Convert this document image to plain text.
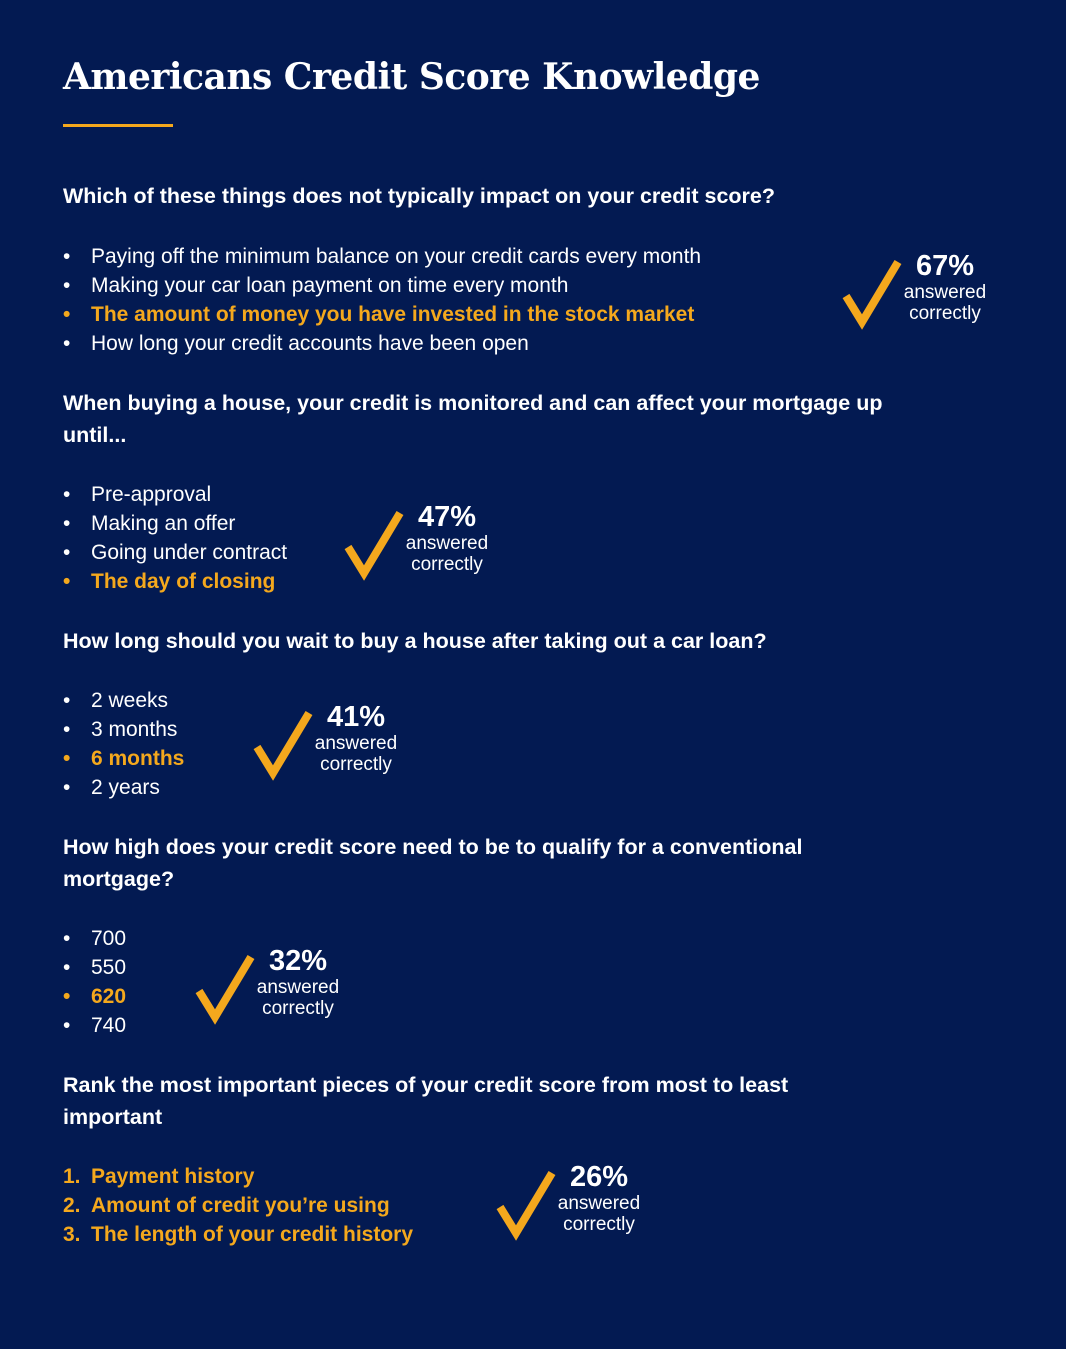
Americans Credit Score Knowledge

Which of these things does not typically impact on your credit score?

• Paying off the minimum balance on your credit cards every month
• Making your car loan payment on time every month
• The amount of money you have invested in the stock market
• How long your credit accounts have been open
67%
answered
correctly

When buying a house, your credit is monitored and can affect your mortgage up until...

• Pre-approval
• Making an offer
• Going under contract
• The day of closing
47%
answered
correctly

How long should you wait to buy a house after taking out a car loan?

• 2 weeks
• 3 months
• 6 months
• 2 years
41%
answered
correctly

How high does your credit score need to be to qualify for a conventional mortgage?

• 700
• 550
• 620
• 740
32%
answered
correctly

Rank the most important pieces of your credit score from most to least important

1. Payment history
2. Amount of credit you’re using
3. The length of your credit history
26%
answered
correctly
